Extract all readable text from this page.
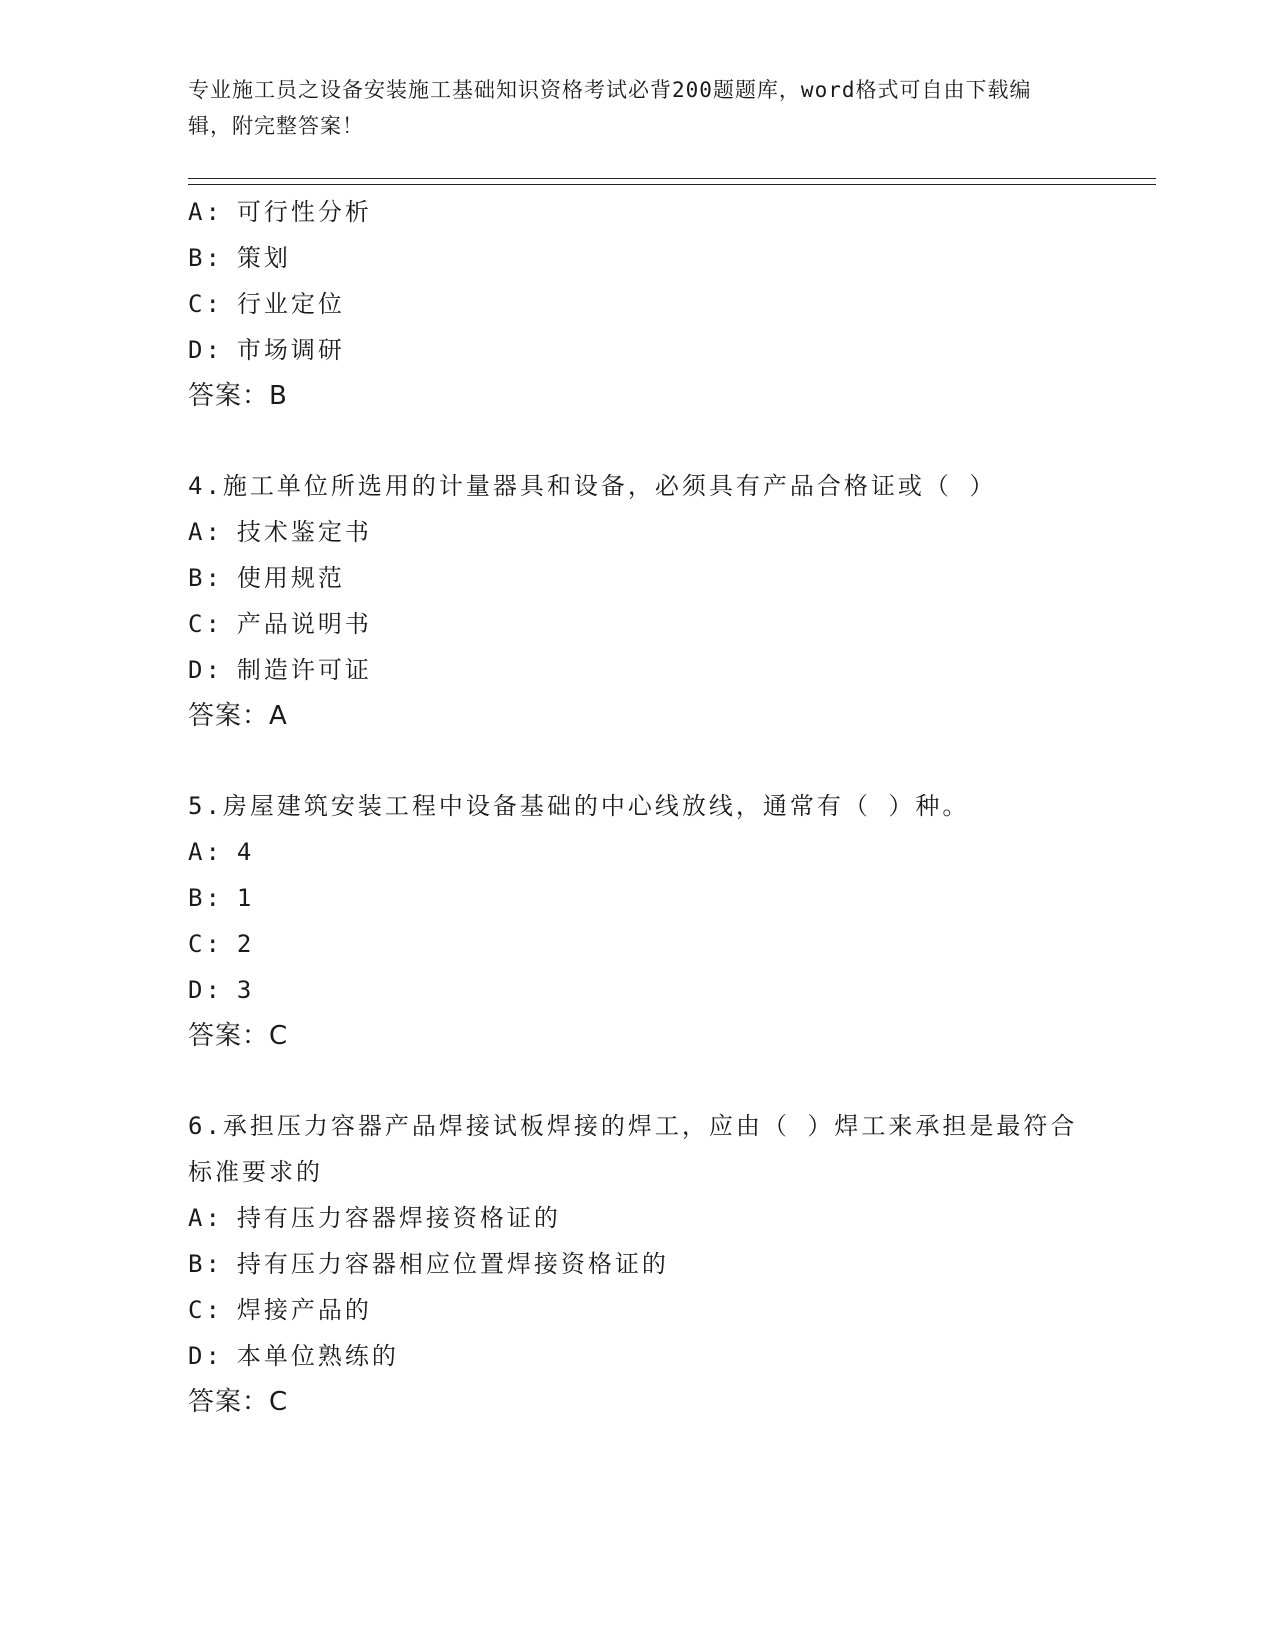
专业施工员之设备安装施工基础知识资格考试必背200题题库，word格式可自由下载编辑，附完整答案！
A: 可行性分析
B: 策划
C: 行业定位
D: 市场调研
答案：B
4.施工单位所选用的计量器具和设备，必须具有产品合格证或（ ）
A: 技术鉴定书
B: 使用规范
C: 产品说明书
D: 制造许可证
答案：A
5.房屋建筑安装工程中设备基础的中心线放线，通常有（ ）种。
A: 4
B: 1
C: 2
D: 3
答案：C
6.承担压力容器产品焊接试板焊接的焊工，应由（ ）焊工来承担是最符合标准要求的
A: 持有压力容器焊接资格证的
B: 持有压力容器相应位置焊接资格证的
C: 焊接产品的
D: 本单位熟练的
答案：C
